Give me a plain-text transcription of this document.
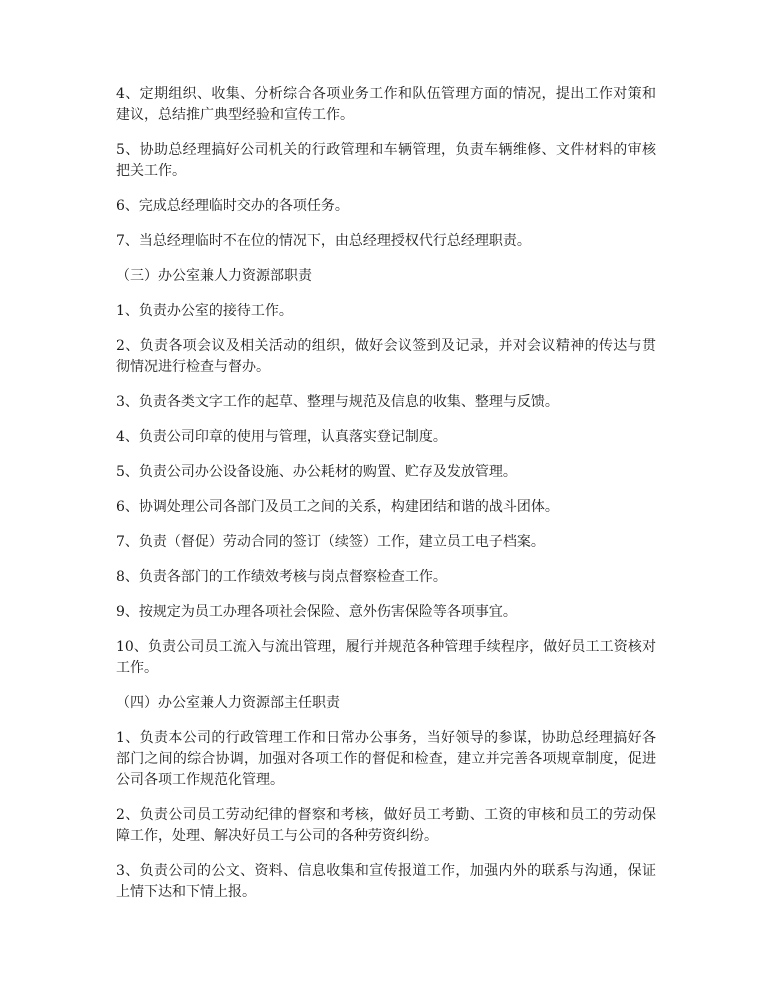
4、定期组织、收集、分析综合各项业务工作和队伍管理方面的情况，提出工作对策和建议，总结推广典型经验和宣传工作。

5、协助总经理搞好公司机关的行政管理和车辆管理，负责车辆维修、文件材料的审核把关工作。

6、完成总经理临时交办的各项任务。

7、当总经理临时不在位的情况下，由总经理授权代行总经理职责。

（三）办公室兼人力资源部职责

1、负责办公室的接待工作。

2、负责各项会议及相关活动的组织，做好会议签到及记录，并对会议精神的传达与贯彻情况进行检查与督办。

3、负责各类文字工作的起草、整理与规范及信息的收集、整理与反馈。

4、负责公司印章的使用与管理，认真落实登记制度。

5、负责公司办公设备设施、办公耗材的购置、贮存及发放管理。

6、协调处理公司各部门及员工之间的关系，构建团结和谐的战斗团体。

7、负责（督促）劳动合同的签订（续签）工作，建立员工电子档案。

8、负责各部门的工作绩效考核与岗点督察检查工作。

9、按规定为员工办理各项社会保险、意外伤害保险等各项事宜。

10、负责公司员工流入与流出管理，履行并规范各种管理手续程序，做好员工工资核对工作。

（四）办公室兼人力资源部主任职责

1、负责本公司的行政管理工作和日常办公事务，当好领导的参谋，协助总经理搞好各部门之间的综合协调，加强对各项工作的督促和检查，建立并完善各项规章制度，促进公司各项工作规范化管理。

2、负责公司员工劳动纪律的督察和考核，做好员工考勤、工资的审核和员工的劳动保障工作，处理、解决好员工与公司的各种劳资纠纷。

3、负责公司的公文、资料、信息收集和宣传报道工作，加强内外的联系与沟通，保证上情下达和下情上报。
